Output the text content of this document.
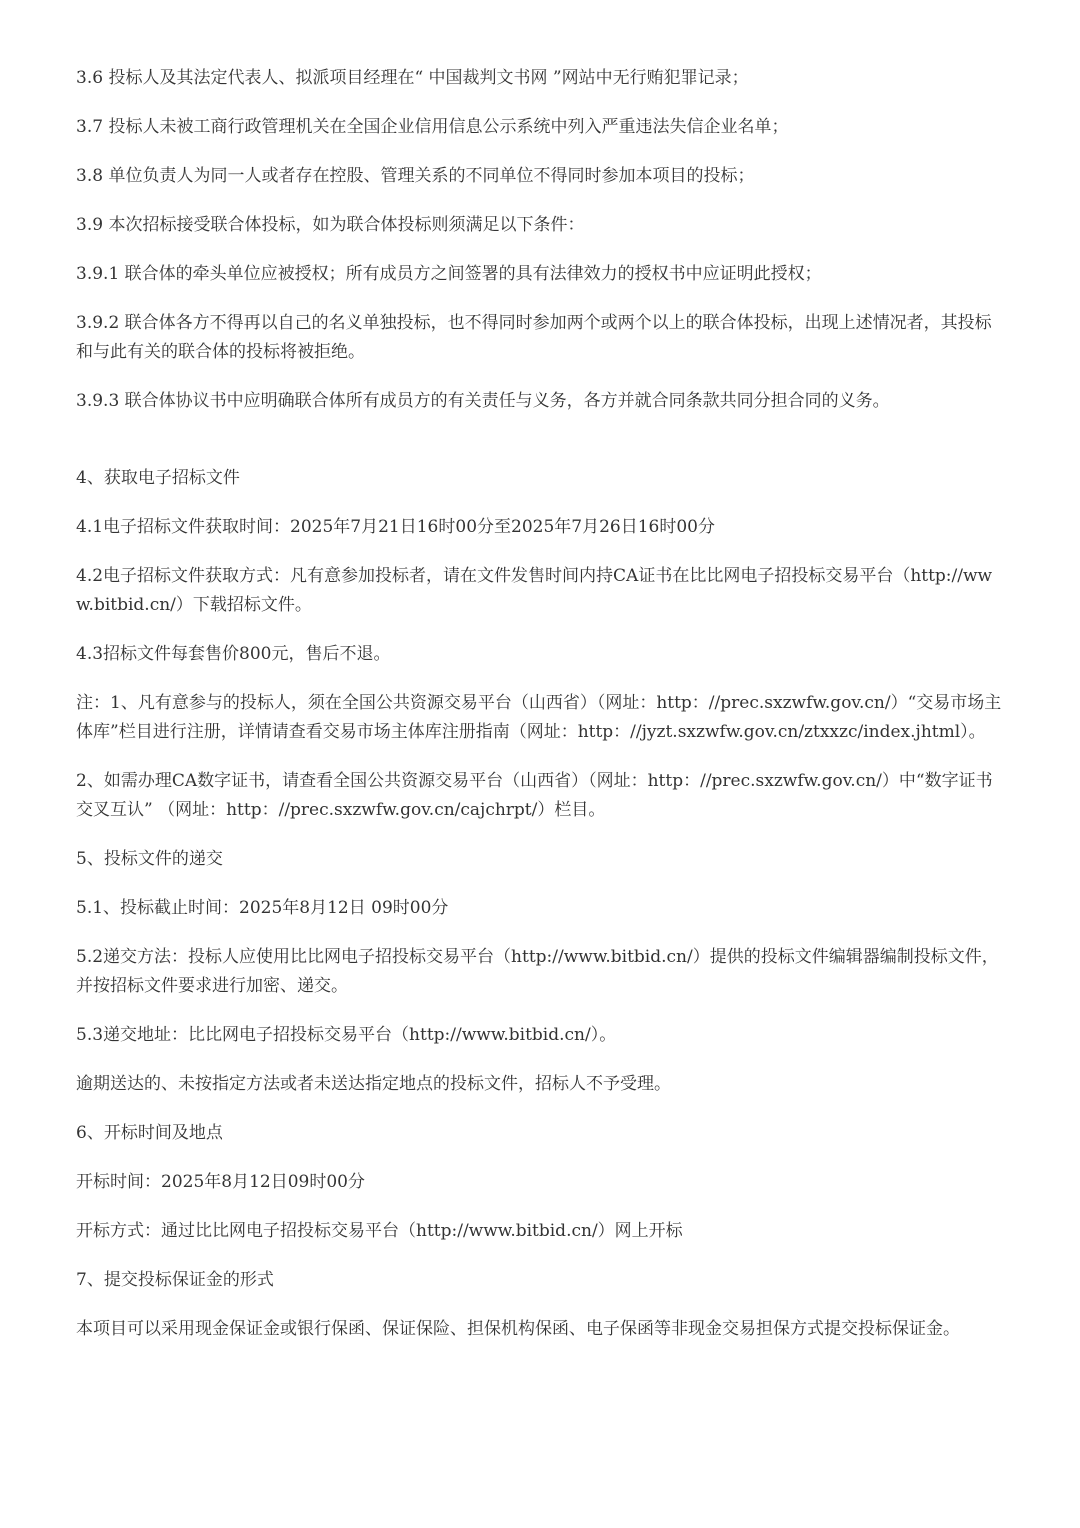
3.6 投标人及其法定代表人、拟派项目经理在“ 中国裁判文书网 ”网站中无行贿犯罪记录；

3.7 投标人未被工商行政管理机关在全国企业信用信息公示系统中列入严重违法失信企业名单；

3.8 单位负责人为同一人或者存在控股、管理关系的不同单位不得同时参加本项目的投标；

3.9 本次招标接受联合体投标，如为联合体投标则须满足以下条件：

3.9.1 联合体的牵头单位应被授权；所有成员方之间签署的具有法律效力的授权书中应证明此授权；

3.9.2 联合体各方不得再以自己的名义单独投标，也不得同时参加两个或两个以上的联合体投标，出现上述情况者，其投标和与此有关的联合体的投标将被拒绝。

3.9.3 联合体协议书中应明确联合体所有成员方的有关责任与义务，各方并就合同条款共同分担合同的义务。

4、获取电子招标文件

4.1电子招标文件获取时间：2025年7月21日16时00分至2025年7月26日16时00分

4.2电子招标文件获取方式：凡有意参加投标者，请在文件发售时间内持CA证书在比比网电子招投标交易平台（http://www.bitbid.cn/）下载招标文件。

4.3招标文件每套售价800元，售后不退。

注：1、凡有意参与的投标人，须在全国公共资源交易平台（山西省）（网址：http：//prec.sxzwfw.gov.cn/）“交易市场主体库”栏目进行注册，详情请查看交易市场主体库注册指南（网址：http：//jyzt.sxzwfw.gov.cn/ztxxzc/index.jhtml）。

2、如需办理CA数字证书，请查看全国公共资源交易平台（山西省）（网址：http：//prec.sxzwfw.gov.cn/）中“数字证书交叉互认” （网址：http：//prec.sxzwfw.gov.cn/cajchrpt/）栏目。

5、投标文件的递交

5.1、投标截止时间：2025年8月12日 09时00分

5.2递交方法：投标人应使用比比网电子招投标交易平台（http://www.bitbid.cn/）提供的投标文件编辑器编制投标文件，并按招标文件要求进行加密、递交。

5.3递交地址：比比网电子招投标交易平台（http://www.bitbid.cn/）。

逾期送达的、未按指定方法或者未送达指定地点的投标文件，招标人不予受理。

6、开标时间及地点

开标时间：2025年8月12日09时00分

开标方式：通过比比网电子招投标交易平台（http://www.bitbid.cn/）网上开标

7、提交投标保证金的形式

本项目可以采用现金保证金或银行保函、保证保险、担保机构保函、电子保函等非现金交易担保方式提交投标保证金。
